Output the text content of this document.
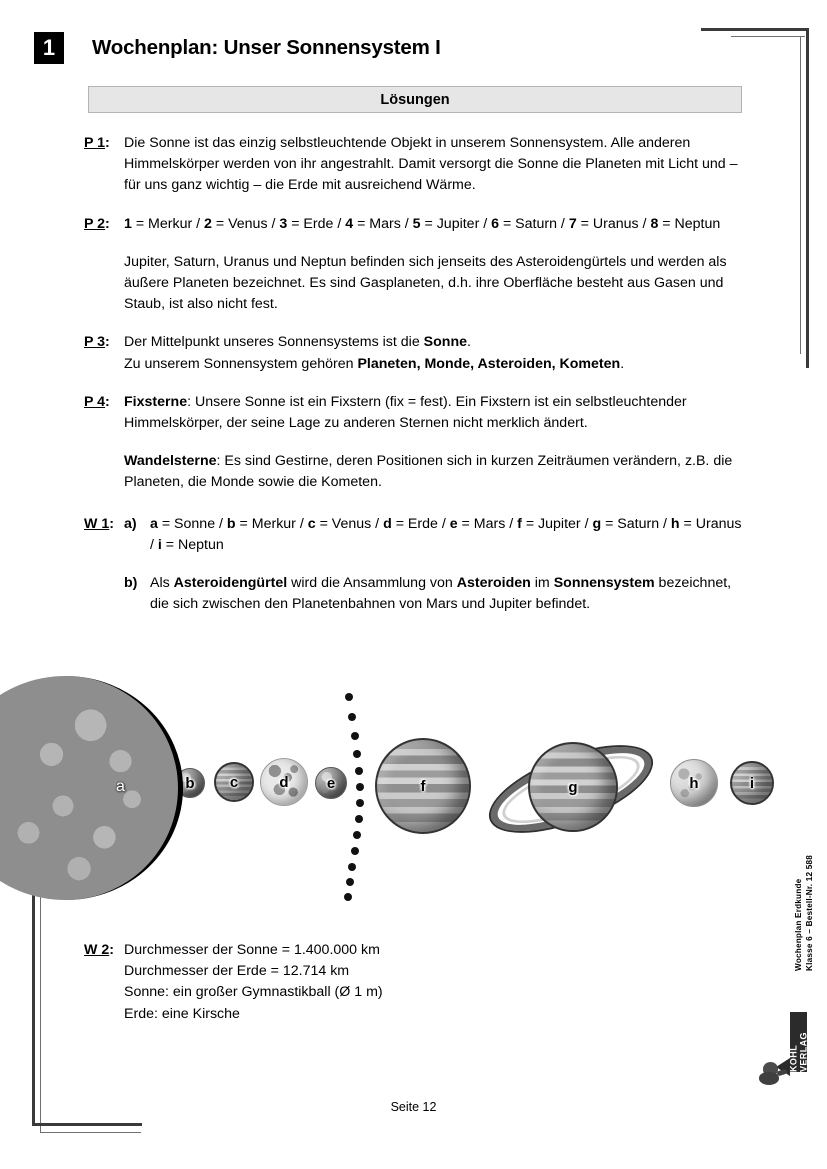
1	Wochenplan: Unser Sonnensystem I
Lösungen
P 1:	Die Sonne ist das einzig selbstleuchtende Objekt in unserem Sonnensystem. Alle anderen Himmelskörper werden von ihr angestrahlt. Damit versorgt die Sonne die Planeten mit Licht und – für uns ganz wichtig – die Erde mit ausreichend Wärme.

P 2:	1 = Merkur / 2 = Venus / 3 = Erde / 4 = Mars / 5 = Jupiter / 6 = Saturn / 7 = Uranus / 8 = Neptun

Jupiter, Saturn, Uranus und Neptun befinden sich jenseits des Asteroidengürtels und werden als äußere Planeten bezeichnet. Es sind Gasplaneten, d.h. ihre Oberfläche besteht aus Gasen und Staub, ist also nicht fest.

P 3:	Der Mittelpunkt unseres Sonnensystems ist die Sonne.
Zu unserem Sonnensystem gehören Planeten, Monde, Asteroiden, Kometen.
P 4:	Fixsterne: Unsere Sonne ist ein Fixstern (fix = fest). Ein Fixstern ist ein selbstleuchtender Himmelskörper, der seine Lage zu anderen Sternen nicht merklich ändert.

Wandelsterne: Es sind Gestirne, deren Positionen sich in kurzen Zeiträumen verändern, z.B. die Planeten, die Monde sowie die Kometen.

W 1: a) a = Sonne / b = Merkur / c = Venus / d = Erde / e = Mars / f = Jupiter / g = Saturn / h = Uranus / i = Neptun
b) Als Asteroidengürtel wird die Ansammlung von Asteroiden im Sonnensystem bezeichnet, die sich zwischen den Planetenbahnen von Mars und Jupiter befindet.
a	b c	d	e	f	g	h	i
W 2: Durchmesser der Sonne = 1.400.000 km
Durchmesser der Erde = 12.714 km
Sonne: ein großer Gymnastikball (Ø 1 m)
Erde: eine Kirsche
Wochenplan Erdkunde Klasse 6 – Bestell-Nr. 12 588
KOHL VERLAG
Seite 12
